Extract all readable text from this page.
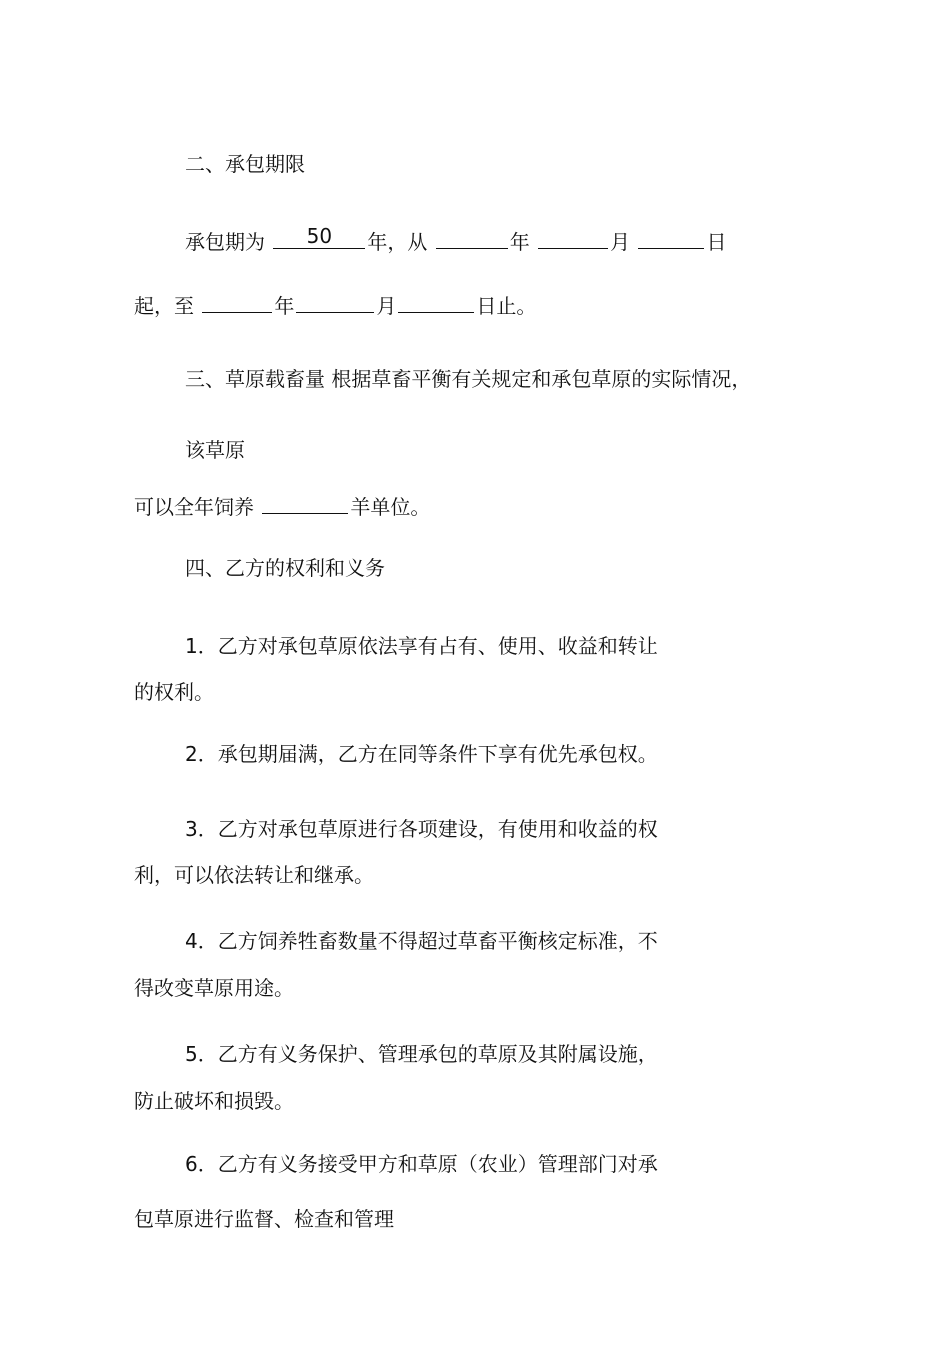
二、承包期限
承包期为	50	年，从	年	月	日
起，至	年	月	日止。
三、草原载畜量 根据草畜平衡有关规定和承包草原的实际情况，
该草原
可以全年饲养	羊单位。
四、乙方的权利和义务
1．乙方对承包草原依法享有占有、使用、收益和转让
的权利。
2．承包期届满，乙方在同等条件下享有优先承包权。
3．乙方对承包草原进行各项建设，有使用和收益的权
利，可以依法转让和继承。
4．乙方饲养牲畜数量不得超过草畜平衡核定标准，不
得改变草原用途。
5．乙方有义务保护、管理承包的草原及其附属设施，
防止破坏和损毁。
6．乙方有义务接受甲方和草原（农业）管理部门对承
包草原进行监督、检查和管理
